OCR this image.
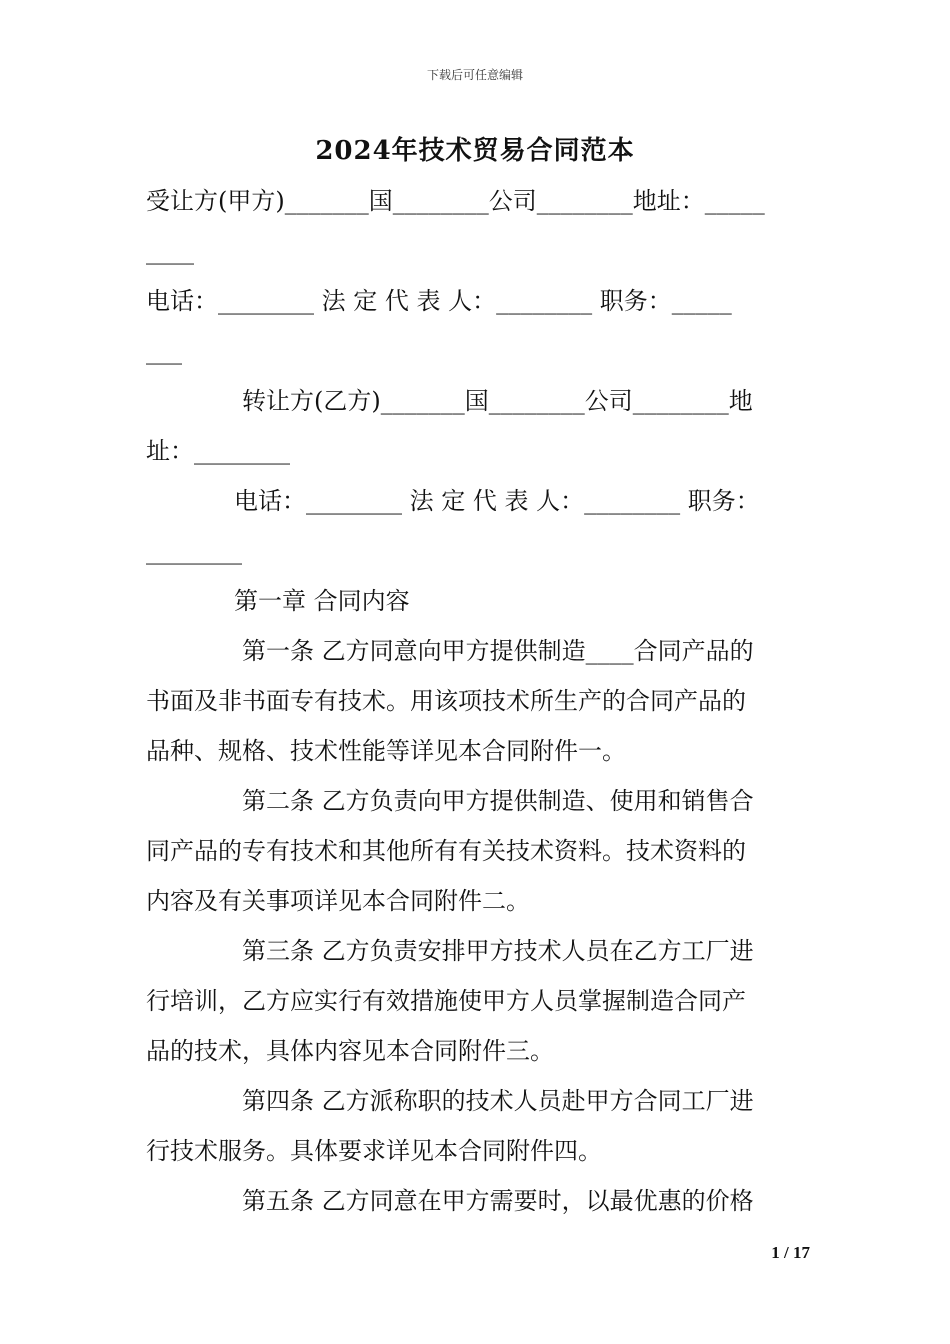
下载后可任意编辑
2024年技术贸易合同范本
受让方(甲方)_______国________公司________地址：_____
____
电话：________ 法 定 代 表 人：________ 职务：_____
___
转让方(乙方)_______国________公司________地
址：________
电话：________ 法 定 代 表 人：________ 职务：
________
第一章 合同内容
第一条 乙方同意向甲方提供制造____合同产品的
书面及非书面专有技术。用该项技术所生产的合同产品的
品种、规格、技术性能等详见本合同附件一。
第二条 乙方负责向甲方提供制造、使用和销售合
同产品的专有技术和其他所有有关技术资料。技术资料的
内容及有关事项详见本合同附件二。
第三条 乙方负责安排甲方技术人员在乙方工厂进
行培训，乙方应实行有效措施使甲方人员掌握制造合同产
品的技术，具体内容见本合同附件三。
第四条 乙方派称职的技术人员赴甲方合同工厂进
行技术服务。具体要求详见本合同附件四。
第五条 乙方同意在甲方需要时，以最优惠的价格
1 / 17
